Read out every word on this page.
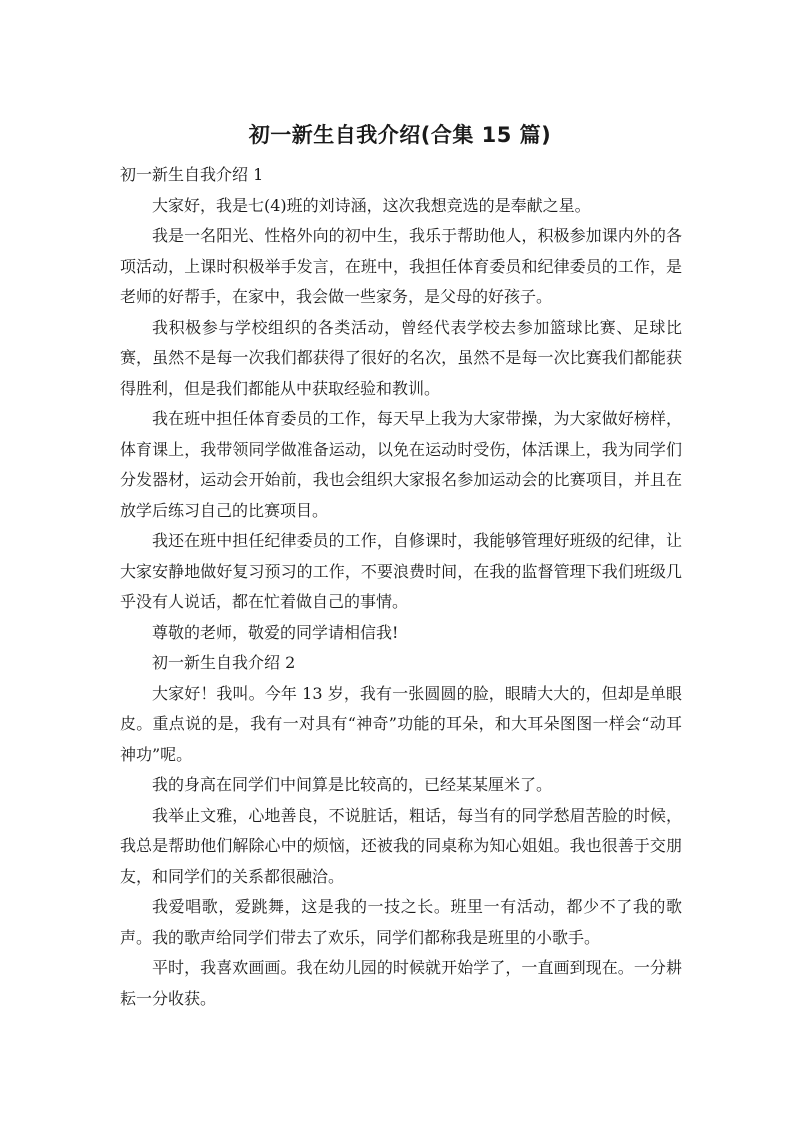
初一新生自我介绍(合集 15 篇)

初一新生自我介绍 1

大家好，我是七(4)班的刘诗涵，这次我想竞选的是奉献之星。

我是一名阳光、性格外向的初中生，我乐于帮助他人，积极参加课内外的各项活动，上课时积极举手发言，在班中，我担任体育委员和纪律委员的工作，是老师的好帮手，在家中，我会做一些家务，是父母的好孩子。

我积极参与学校组织的各类活动，曾经代表学校去参加篮球比赛、足球比赛，虽然不是每一次我们都获得了很好的名次，虽然不是每一次比赛我们都能获得胜利，但是我们都能从中获取经验和教训。

我在班中担任体育委员的工作，每天早上我为大家带操，为大家做好榜样，体育课上，我带领同学做准备运动，以免在运动时受伤，体活课上，我为同学们分发器材，运动会开始前，我也会组织大家报名参加运动会的比赛项目，并且在放学后练习自己的比赛项目。

我还在班中担任纪律委员的工作，自修课时，我能够管理好班级的纪律，让大家安静地做好复习预习的工作，不要浪费时间，在我的监督管理下我们班级几乎没有人说话，都在忙着做自己的事情。

尊敬的老师，敬爱的同学请相信我!

初一新生自我介绍 2

大家好！我叫。今年 13 岁，我有一张圆圆的脸，眼睛大大的，但却是单眼皮。重点说的是，我有一对具有“神奇”功能的耳朵，和大耳朵图图一样会“动耳神功”呢。

我的身高在同学们中间算是比较高的，已经某某厘米了。

我举止文雅，心地善良，不说脏话，粗话，每当有的同学愁眉苦脸的时候，我总是帮助他们解除心中的烦恼，还被我的同桌称为知心姐姐。我也很善于交朋友，和同学们的关系都很融洽。

我爱唱歌，爱跳舞，这是我的一技之长。班里一有活动，都少不了我的歌声。我的歌声给同学们带去了欢乐，同学们都称我是班里的小歌手。

平时，我喜欢画画。我在幼儿园的时候就开始学了，一直画到现在。一分耕耘一分收获。
